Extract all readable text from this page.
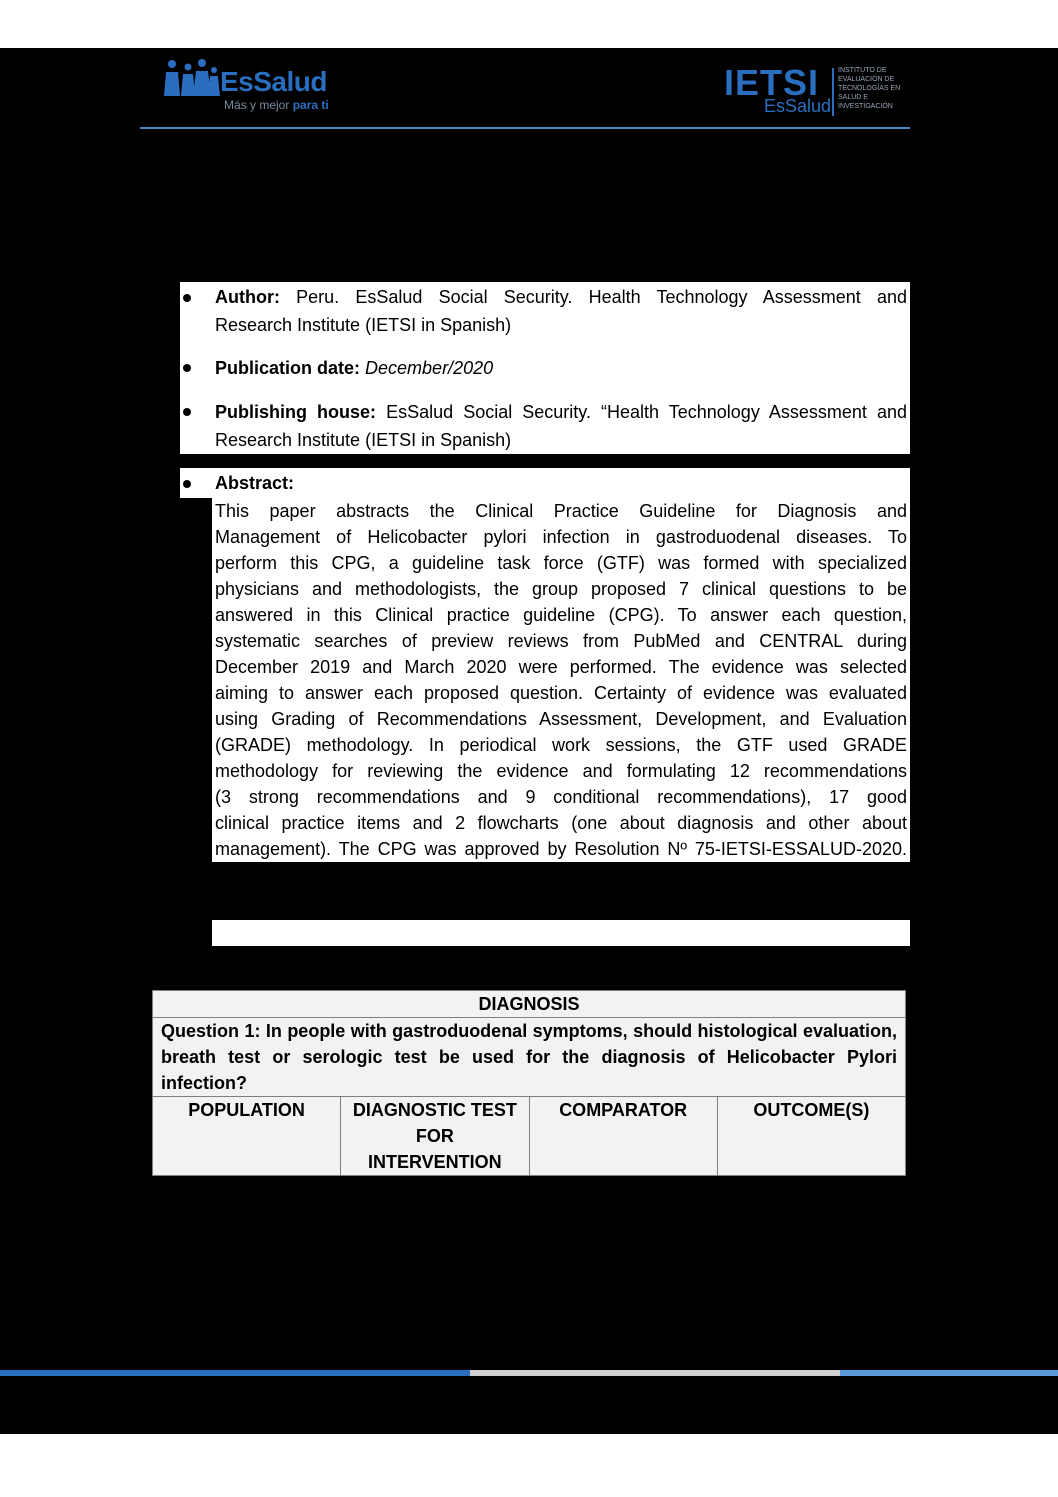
EsSalud
Más y mejor para ti
IETSI
EsSalud
INSTITUTO DE EVALUACIÓN DE TECNOLOGÍAS EN SALUD E INVESTIGACIÓN
Author: Peru. EsSalud Social Security. Health Technology Assessment and
Research Institute (IETSI in Spanish)
Publication date: December/2020
Publishing house: EsSalud Social Security. “Health Technology Assessment and
Research Institute (IETSI in Spanish)
Abstract:
This paper abstracts the Clinical Practice Guideline for Diagnosis and
Management of Helicobacter pylori infection in gastroduodenal diseases. To
perform this CPG, a guideline task force (GTF) was formed with specialized
physicians and methodologists, the group proposed 7 clinical questions to be
answered in this Clinical practice guideline (CPG). To answer each question,
systematic searches of preview reviews from PubMed and CENTRAL during
December 2019 and March 2020 were performed. The evidence was selected
aiming to answer each proposed question. Certainty of evidence was evaluated
using Grading of Recommendations Assessment, Development, and Evaluation
(GRADE) methodology. In periodical work sessions, the GTF used GRADE
methodology for reviewing the evidence and formulating 12 recommendations
(3 strong recommendations and 9 conditional recommendations), 17 good
clinical practice items and 2 flowcharts (one about diagnosis and other about
management). The CPG was approved by Resolution Nº 75-IETSI-ESSALUD-2020.
DIAGNOSIS
Question 1: In people with gastroduodenal symptoms, should histological evaluation, breath test or serologic test be used for the diagnosis of Helicobacter Pylori infection?
POPULATION	DIAGNOSTIC TEST FOR INTERVENTION	COMPARATOR	OUTCOME(S)
